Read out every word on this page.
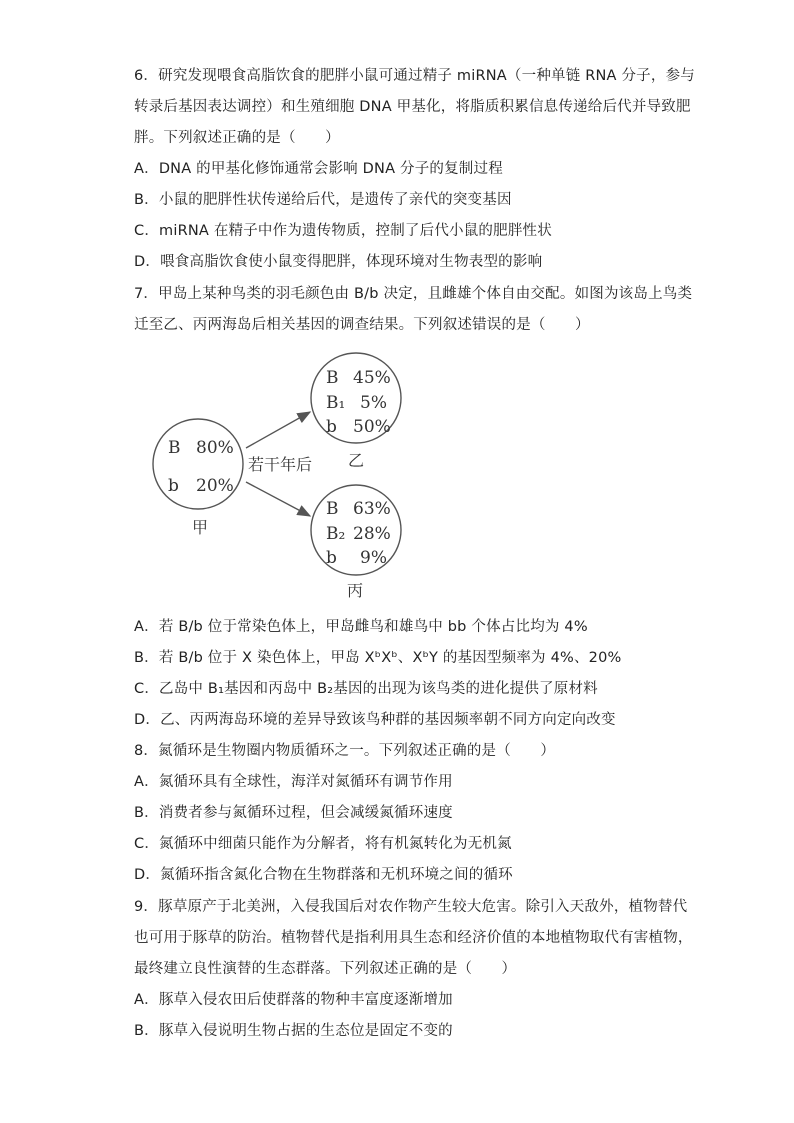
6．研究发现喂食高脂饮食的肥胖小鼠可通过精子 miRNA（一种单链 RNA 分子，参与
转录后基因表达调控）和生殖细胞 DNA 甲基化，将脂质积累信息传递给后代并导致肥
胖。下列叙述正确的是（　　）
A．DNA 的甲基化修饰通常会影响 DNA 分子的复制过程
B．小鼠的肥胖性状传递给后代，是遗传了亲代的突变基因
C．miRNA 在精子中作为遗传物质，控制了后代小鼠的肥胖性状
D．喂食高脂饮食使小鼠变得肥胖，体现环境对生物表型的影响
7．甲岛上某种鸟类的羽毛颜色由 B/b 决定，且雌雄个体自由交配。如图为该岛上鸟类
迁至乙、丙两海岛后相关基因的调查结果。下列叙述错误的是（　　）
B 80%
b 20%
甲
B 45%
B₁ 5%
b 50%
乙
B 63%
B₂ 28%
b 9%
丙
若干年后
A．若 B/b 位于常染色体上，甲岛雌鸟和雄鸟中 bb 个体占比均为 4%
B．若 B/b 位于 X 染色体上，甲岛 XᵇXᵇ、XᵇY 的基因型频率为 4%、20%
C．乙岛中 B₁基因和丙岛中 B₂基因的出现为该鸟类的进化提供了原材料
D．乙、丙两海岛环境的差异导致该鸟种群的基因频率朝不同方向定向改变
8．氮循环是生物圈内物质循环之一。下列叙述正确的是（　　）
A．氮循环具有全球性，海洋对氮循环有调节作用
B．消费者参与氮循环过程，但会减缓氮循环速度
C．氮循环中细菌只能作为分解者，将有机氮转化为无机氮
D．氮循环指含氮化合物在生物群落和无机环境之间的循环
9．豚草原产于北美洲，入侵我国后对农作物产生较大危害。除引入天敌外，植物替代
也可用于豚草的防治。植物替代是指利用具生态和经济价值的本地植物取代有害植物，
最终建立良性演替的生态群落。下列叙述正确的是（　　）
A．豚草入侵农田后使群落的物种丰富度逐渐增加
B．豚草入侵说明生物占据的生态位是固定不变的
